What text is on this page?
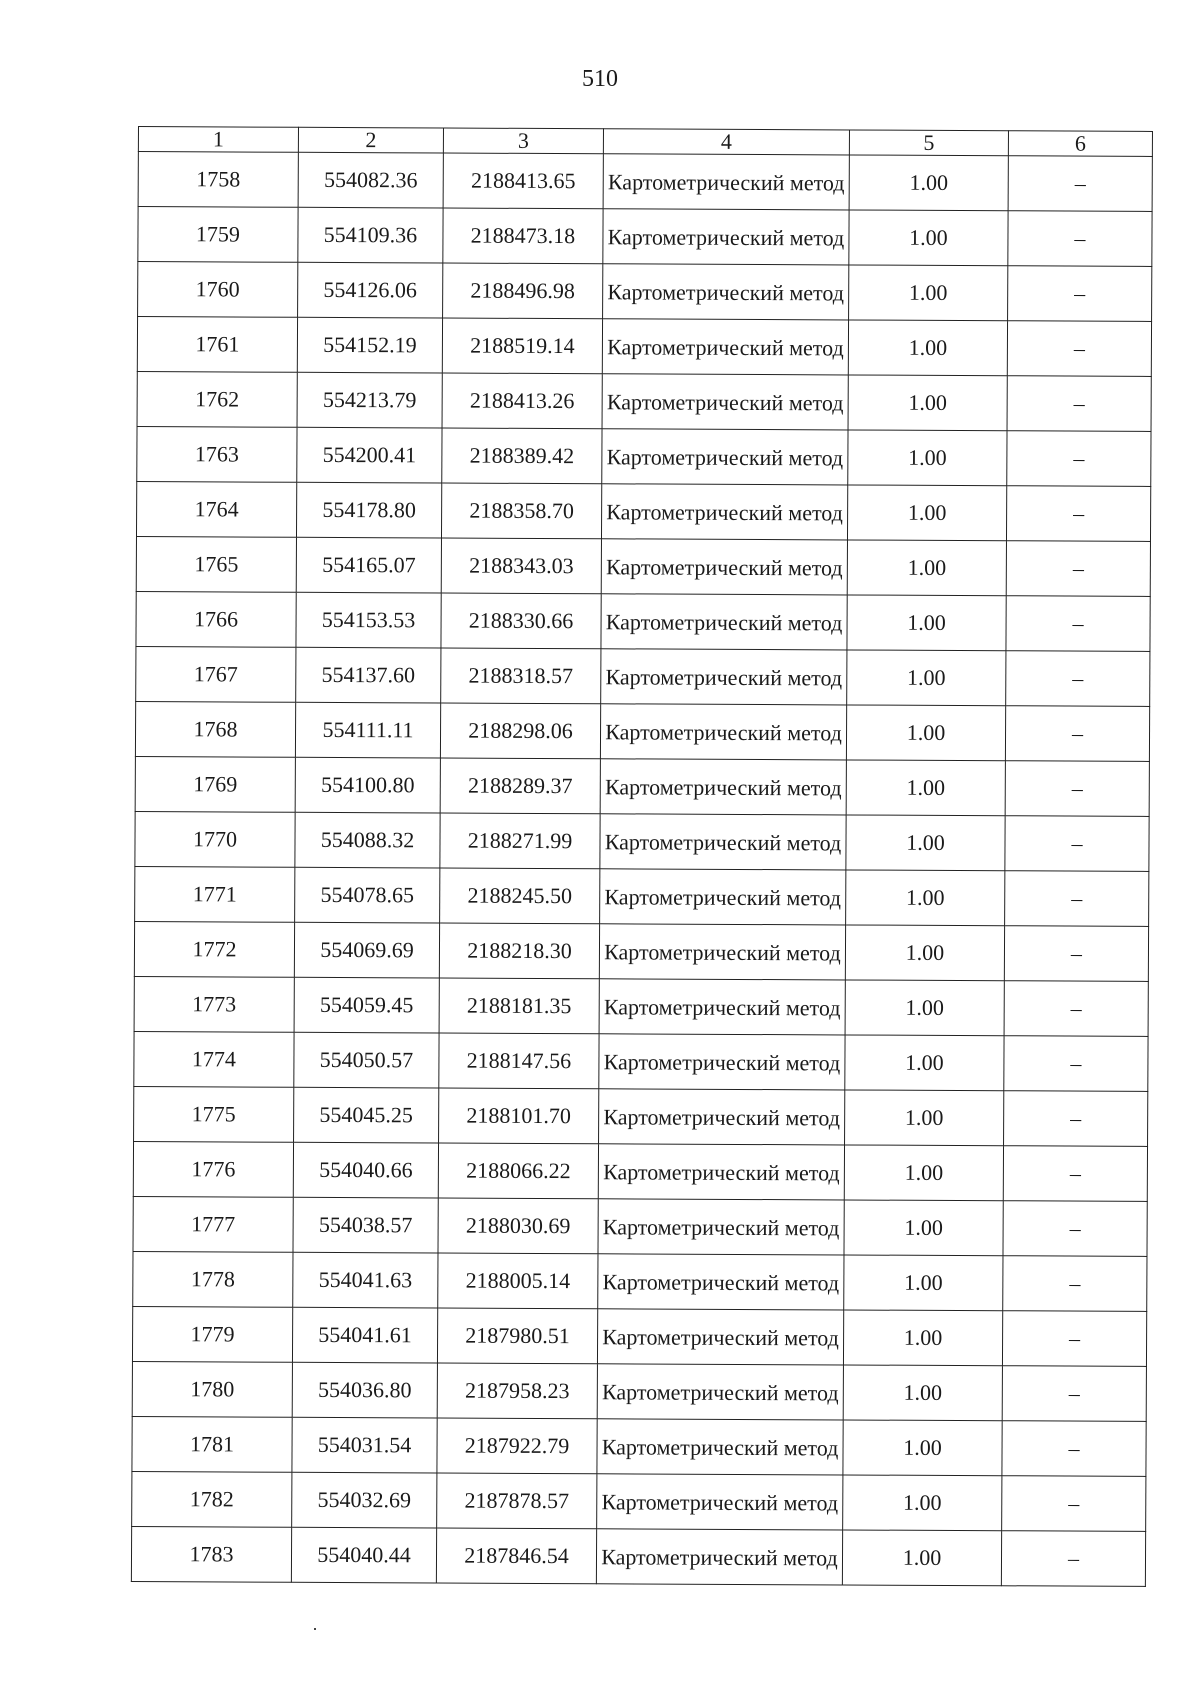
510
1	2	3	4	5	6
1758	554082.36	2188413.65	Картометрический метод	1.00	–
1759	554109.36	2188473.18	Картометрический метод	1.00	–
1760	554126.06	2188496.98	Картометрический метод	1.00	–
1761	554152.19	2188519.14	Картометрический метод	1.00	–
1762	554213.79	2188413.26	Картометрический метод	1.00	–
1763	554200.41	2188389.42	Картометрический метод	1.00	–
1764	554178.80	2188358.70	Картометрический метод	1.00	–
1765	554165.07	2188343.03	Картометрический метод	1.00	–
1766	554153.53	2188330.66	Картометрический метод	1.00	–
1767	554137.60	2188318.57	Картометрический метод	1.00	–
1768	554111.11	2188298.06	Картометрический метод	1.00	–
1769	554100.80	2188289.37	Картометрический метод	1.00	–
1770	554088.32	2188271.99	Картометрический метод	1.00	–
1771	554078.65	2188245.50	Картометрический метод	1.00	–
1772	554069.69	2188218.30	Картометрический метод	1.00	–
1773	554059.45	2188181.35	Картометрический метод	1.00	–
1774	554050.57	2188147.56	Картометрический метод	1.00	–
1775	554045.25	2188101.70	Картометрический метод	1.00	–
1776	554040.66	2188066.22	Картометрический метод	1.00	–
1777	554038.57	2188030.69	Картометрический метод	1.00	–
1778	554041.63	2188005.14	Картометрический метод	1.00	–
1779	554041.61	2187980.51	Картометрический метод	1.00	–
1780	554036.80	2187958.23	Картометрический метод	1.00	–
1781	554031.54	2187922.79	Картометрический метод	1.00	–
1782	554032.69	2187878.57	Картометрический метод	1.00	–
1783	554040.44	2187846.54	Картометрический метод	1.00	–
